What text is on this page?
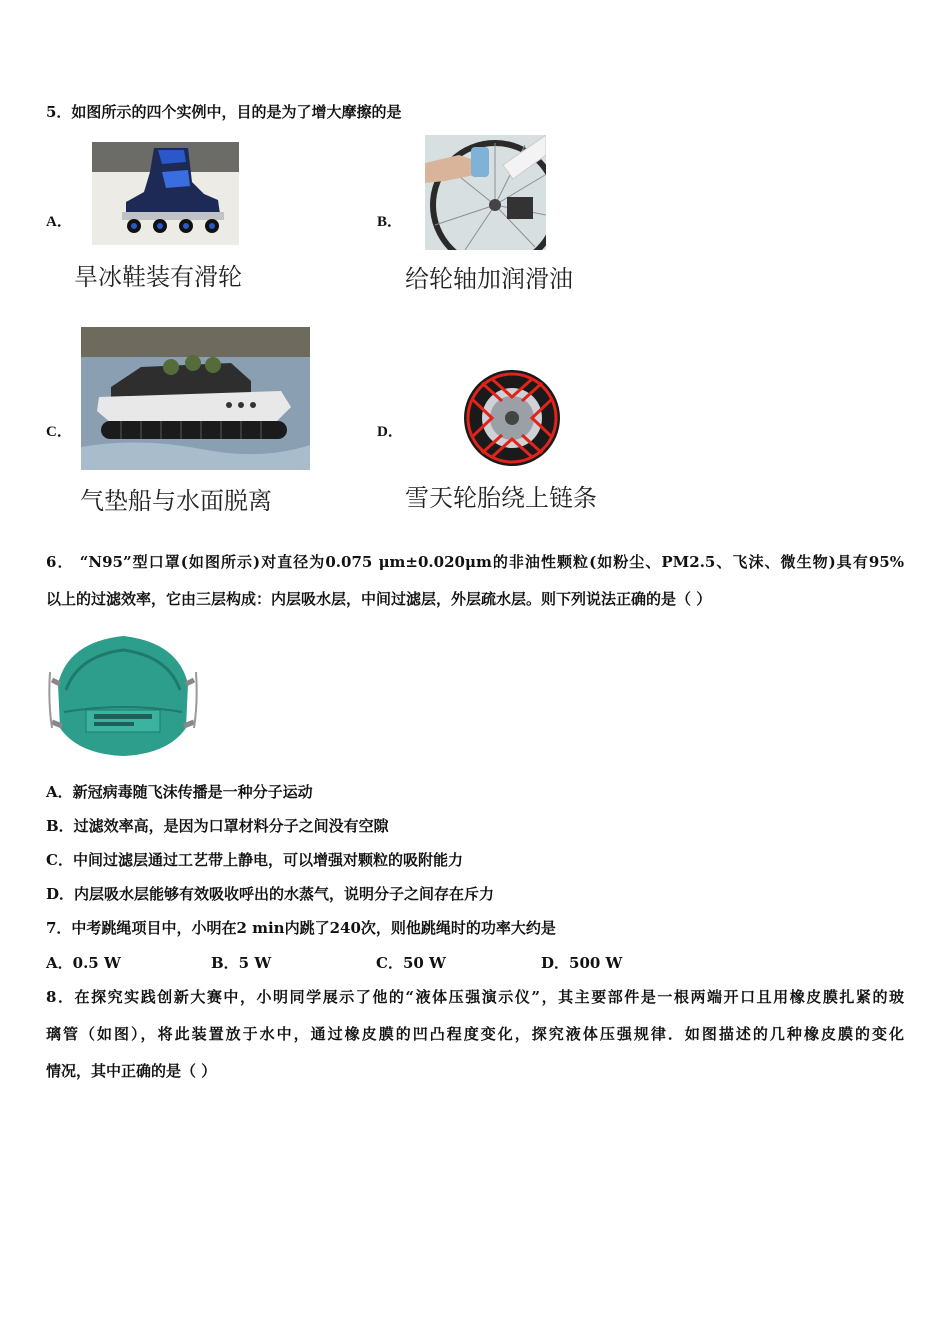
5．如图所示的四个实例中，目的是为了增大摩擦的是
A．
旱冰鞋装有滑轮
B．
给轮轴加润滑油
C．
气垫船与水面脱离
D．
雪天轮胎绕上链条
6． “N95”型口罩(如图所示)对直径为0.075 μm±0.020μm的非油性颗粒(如粉尘、PM2.5、飞沫、微生物)具有95%
以上的过滤效率，它由三层构成：内层吸水层，中间过滤层，外层疏水层。则下列说法正确的是（ ）
A．新冠病毒随飞沫传播是一种分子运动
B．过滤效率高，是因为口罩材料分子之间没有空隙
C．中间过滤层通过工艺带上静电，可以增强对颗粒的吸附能力
D．内层吸水层能够有效吸收呼出的水蒸气，说明分子之间存在斥力
7．中考跳绳项目中，小明在2 min内跳了240次，则他跳绳时的功率大约是
A．0.5 W	B．5 W	C．50 W	D．500 W
8．在探究实践创新大赛中，小明同学展示了他的“液体压强演示仪”，其主要部件是一根两端开口且用橡皮膜扎紧的玻
璃管（如图），将此装置放于水中，通过橡皮膜的凹凸程度变化，探究液体压强规律．如图描述的几种橡皮膜的变化
情况，其中正确的是（ ）
